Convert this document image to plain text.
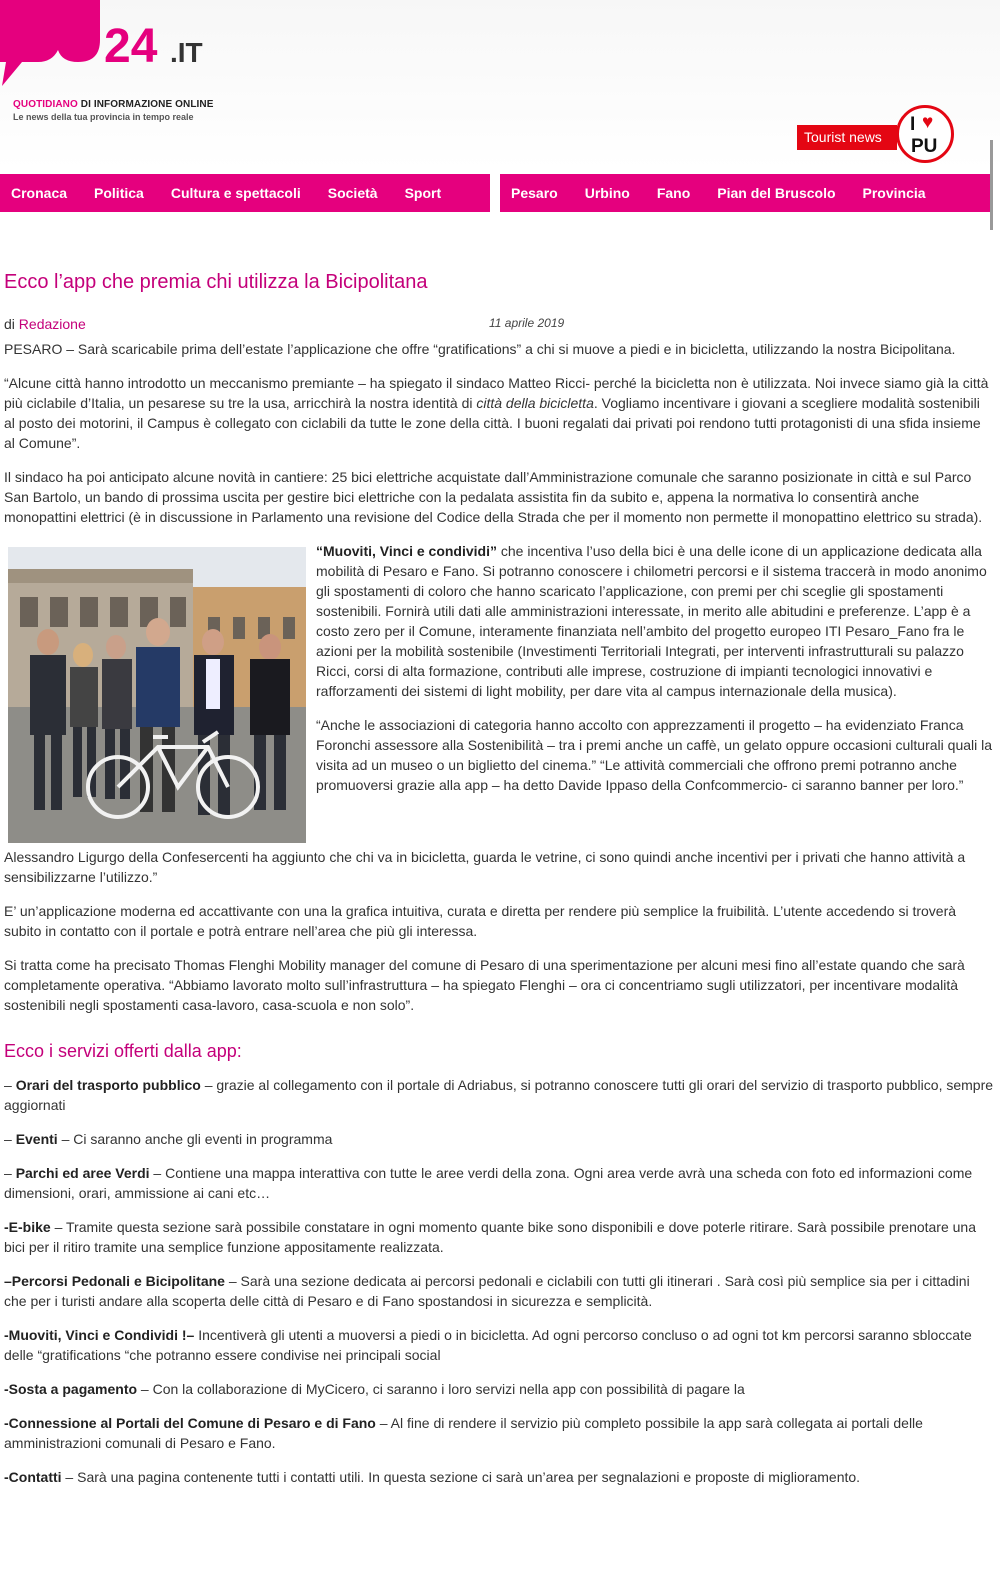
24 .IT
QUOTIDIANO DI INFORMAZIONE ONLINE
Le news della tua provincia in tempo reale
Tourist news
I ♥
PU
Cronaca Politica Cultura e spettacoli Società Sport	Pesaro Urbino Fano Pian del Bruscolo Provincia
Ecco l’app che premia chi utilizza la Bicipolitana
di Redazione	11 aprile 2019

PESARO – Sarà scaricabile prima dell’estate l’applicazione che offre “gratifications” a chi si muove a piedi e in bicicletta, utilizzando la nostra Bicipolitana.

“Alcune città hanno introdotto un meccanismo premiante – ha spiegato il sindaco Matteo Ricci- perché la bicicletta non è utilizzata. Noi invece siamo già la città più ciclabile d’Italia, un pesarese su tre la usa, arricchirà la nostra identità di città della bicicletta. Vogliamo incentivare i giovani a scegliere modalità sostenibili al posto dei motorini, il Campus è collegato con ciclabili da tutte le zone della città. I buoni regalati dai privati poi rendono tutti protagonisti di una sfida insieme al Comune”.

Il sindaco ha poi anticipato alcune novità in cantiere: 25 bici elettriche acquistate dall’Amministrazione comunale che saranno posizionate in città e sul Parco San Bartolo, un bando di prossima uscita per gestire bici elettriche con la pedalata assistita fin da subito e, appena la normativa lo consentirà anche monopattini elettrici (è in discussione in Parlamento una revisione del Codice della Strada che per il momento non permette il monopattino elettrico su strada).

“Muoviti, Vinci e condividi” che incentiva l’uso della bici è una delle icone di un applicazione dedicata alla mobilità di Pesaro e Fano. Si potranno conoscere i chilometri percorsi e il sistema traccerà in modo anonimo gli spostamenti di coloro che hanno scaricato l’applicazione, con premi per chi sceglie gli spostamenti sostenibili. Fornirà utili dati alle amministrazioni interessate, in merito alle abitudini e preferenze. L’app è a costo zero per il Comune, interamente finanziata nell’ambito del progetto europeo ITI Pesaro_Fano fra le azioni per la mobilità sostenibile (Investimenti Territoriali Integrati, per interventi infrastrutturali su palazzo Ricci, corsi di alta formazione, contributi alle imprese, costruzione di impianti tecnologici innovativi e rafforzamenti dei sistemi di light mobility, per dare vita al campus internazionale della musica).

“Anche le associazioni di categoria hanno accolto con apprezzamenti il progetto – ha evidenziato Franca Foronchi assessore alla Sostenibilità – tra i premi anche un caffè, un gelato oppure occasioni culturali quali la visita ad un museo o un biglietto del cinema.” “Le attività commerciali che offrono premi potranno anche promuoversi grazie alla app – ha detto Davide Ippaso della Confcommercio- ci saranno banner per loro.”

Alessandro Ligurgo della Confesercenti ha aggiunto che chi va in bicicletta, guarda le vetrine, ci sono quindi anche incentivi per i privati che hanno attività a sensibilizzarne l’utilizzo.”

E’ un’applicazione moderna ed accattivante con una la grafica intuitiva, curata e diretta per rendere più semplice la fruibilità. L’utente accedendo si troverà subito in contatto con il portale e potrà entrare nell’area che più gli interessa.

Si tratta come ha precisato Thomas Flenghi Mobility manager del comune di Pesaro di una sperimentazione per alcuni mesi fino all’estate quando che sarà completamente operativa. “Abbiamo lavorato molto sull’infrastruttura – ha spiegato Flenghi – ora ci concentriamo sugli utilizzatori, per incentivare modalità sostenibili negli spostamenti casa-lavoro, casa-scuola e non solo”.

Ecco i servizi offerti dalla app:

– Orari del trasporto pubblico – grazie al collegamento con il portale di Adriabus, si potranno conoscere tutti gli orari del servizio di trasporto pubblico, sempre aggiornati

– Eventi – Ci saranno anche gli eventi in programma

– Parchi ed aree Verdi – Contiene una mappa interattiva con tutte le aree verdi della zona. Ogni area verde avrà una scheda con foto ed informazioni come dimensioni, orari, ammissione ai cani etc…

-E-bike – Tramite questa sezione sarà possibile constatare in ogni momento quante bike sono disponibili e dove poterle ritirare. Sarà possibile prenotare una bici per il ritiro tramite una semplice funzione appositamente realizzata.

–Percorsi Pedonali e Bicipolitane – Sarà una sezione dedicata ai percorsi pedonali e ciclabili con tutti gli itinerari . Sarà così più semplice sia per i cittadini che per i turisti andare alla scoperta delle città di Pesaro e di Fano spostandosi in sicurezza e semplicità.

-Muoviti, Vinci e Condividi !– Incentiverà gli utenti a muoversi a piedi o in bicicletta. Ad ogni percorso concluso o ad ogni tot km percorsi saranno sbloccate delle “gratifications “che potranno essere condivise nei principali social

-Sosta a pagamento – Con la collaborazione di MyCicero, ci saranno i loro servizi nella app con possibilità di pagare la

-Connessione al Portali del Comune di Pesaro e di Fano – Al fine di rendere il servizio più completo possibile la app sarà collegata ai portali delle amministrazioni comunali di Pesaro e Fano.

-Contatti – Sarà una pagina contenente tutti i contatti utili. In questa sezione ci sarà un’area per segnalazioni e proposte di miglioramento.
